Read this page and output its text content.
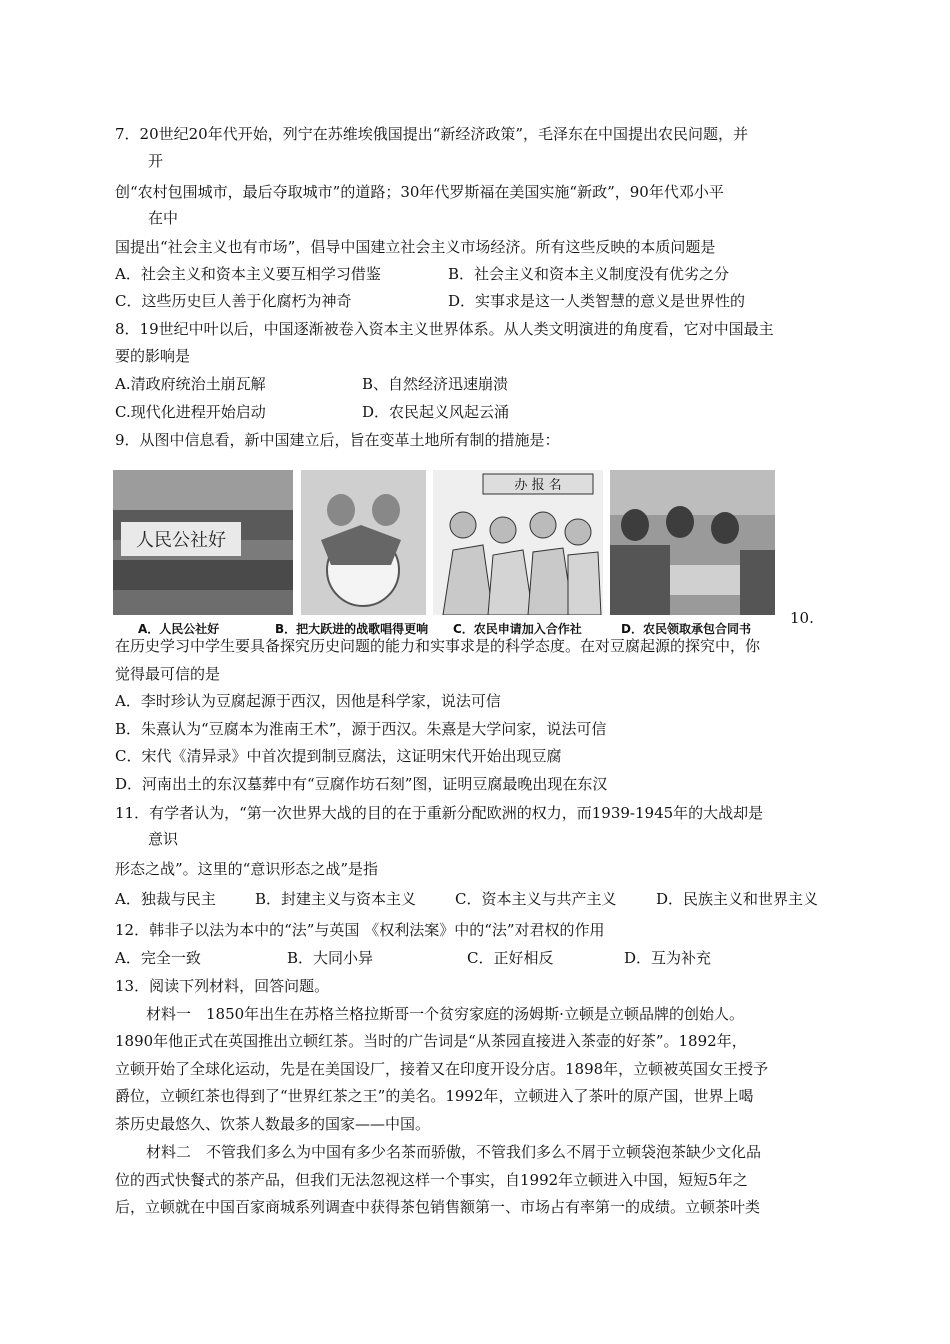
7．20世纪20年代开始，列宁在苏维埃俄国提出“新经济政策”，毛泽东在中国提出农民问题，并
开
创“农村包围城市，最后夺取城市”的道路；30年代罗斯福在美国实施“新政”，90年代邓小平
在中
国提出“社会主义也有市场”，倡导中国建立社会主义市场经济。所有这些反映的本质问题是
A．社会主义和资本主义要互相学习借鉴	B．社会主义和资本主义制度没有优劣之分
C．这些历史巨人善于化腐朽为神奇	D．实事求是这一人类智慧的意义是世界性的
8．19世纪中叶以后，中国逐渐被卷入资本主义世界体系。从人类文明演进的角度看，它对中国最主
要的影响是
A.清政府统治土崩瓦解	B、自然经济迅速崩溃
C.现代化进程开始启动	D．农民起义风起云涌
9．从图中信息看，新中国建立后，旨在变革土地所有制的措施是：
人民公社好
办 报 名
A．人民公社好	B．把大跃进的战歌唱得更响 C．农民申请加入合作社	D．农民领取承包合同书
10.
在历史学习中学生要具备探究历史问题的能力和实事求是的科学态度。在对豆腐起源的探究中，你
觉得最可信的是
A．李时珍认为豆腐起源于西汉，因他是科学家，说法可信
B．朱熹认为“豆腐本为淮南王术”，源于西汉。朱熹是大学问家，说法可信
C．宋代《清异录》中首次提到制豆腐法，这证明宋代开始出现豆腐
D．河南出土的东汉墓葬中有“豆腐作坊石刻”图，证明豆腐最晚出现在东汉
11．有学者认为，“第一次世界大战的目的在于重新分配欧洲的权力，而1939-1945年的大战却是
意识
形态之战”。这里的“意识形态之战”是指
A．独裁与民主	B．封建主义与资本主义	C．资本主义与共产主义	D．民族主义和世界主义
12．韩非子以法为本中的“法”与英国 《权利法案》中的“法”对君权的作用
A．完全一致	B．大同小异	C．正好相反	D．互为补充
13．阅读下列材料，回答问题。
材料一　1850年出生在苏格兰格拉斯哥一个贫穷家庭的汤姆斯·立顿是立顿品牌的创始人。
1890年他正式在英国推出立顿红茶。当时的广告词是“从茶园直接进入茶壶的好茶”。1892年，
立顿开始了全球化运动，先是在美国设厂，接着又在印度开设分店。1898年，立顿被英国女王授予
爵位，立顿红茶也得到了“世界红茶之王”的美名。1992年，立顿进入了茶叶的原产国，世界上喝
茶历史最悠久、饮茶人数最多的国家——中国。
材料二　不管我们多么为中国有多少名茶而骄傲，不管我们多么不屑于立顿袋泡茶缺少文化品
位的西式快餐式的茶产品，但我们无法忽视这样一个事实，自1992年立顿进入中国，短短5年之
后，立顿就在中国百家商城系列调查中获得茶包销售额第一、市场占有率第一的成绩。立顿茶叶类
